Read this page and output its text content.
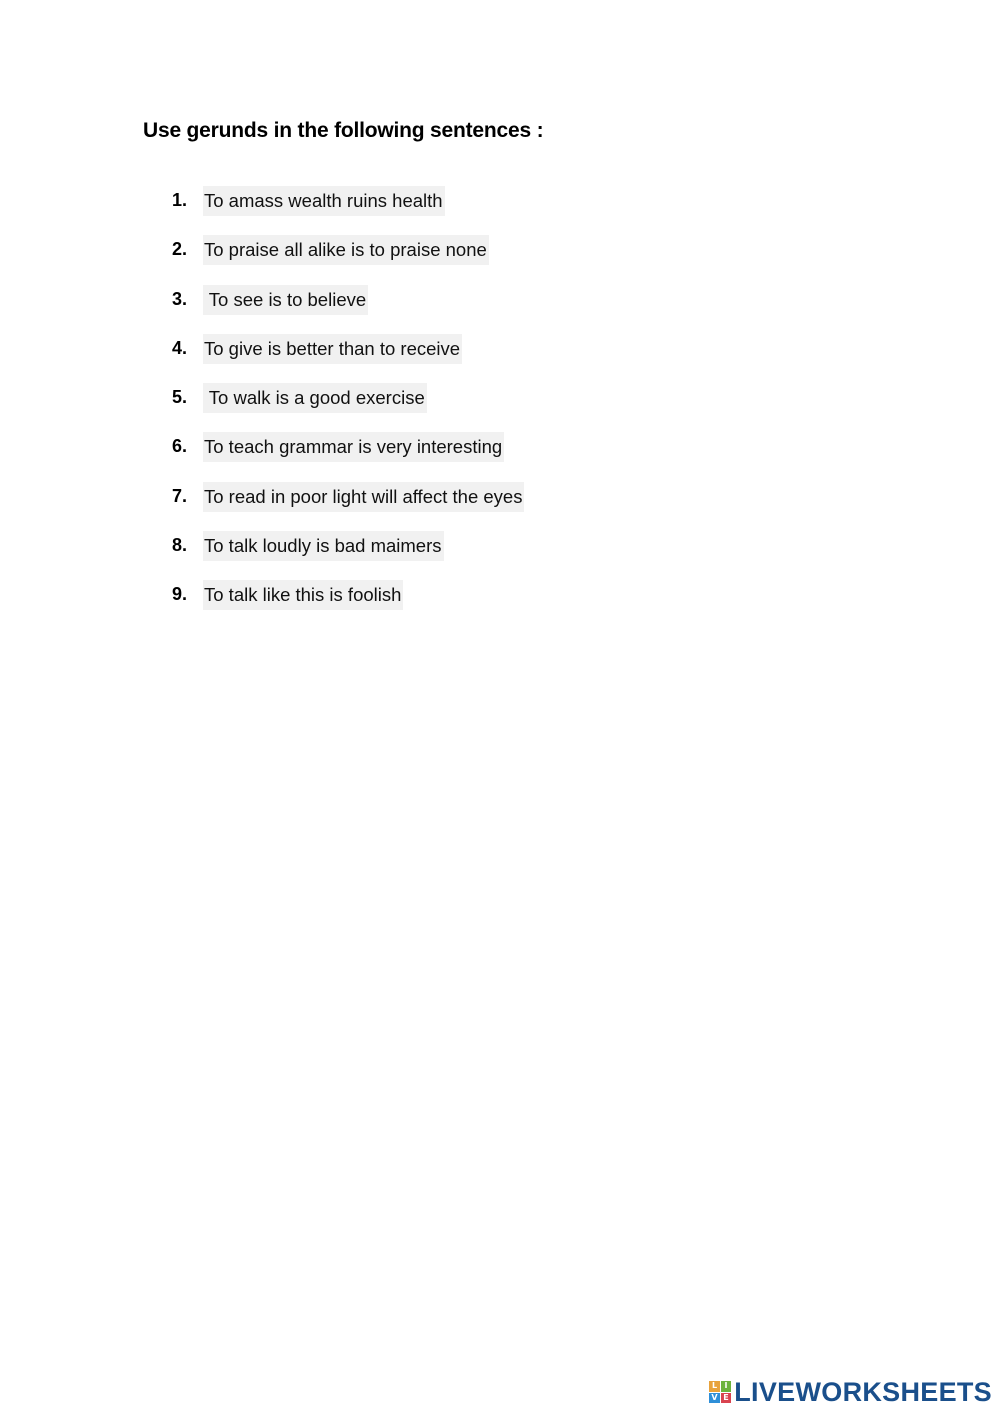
Use gerunds in the following sentences :
1. To amass wealth ruins health
2. To praise all alike is to praise none
3. To see is to believe
4. To give is better than to receive
5. To walk is a good exercise
6. To teach grammar is very interesting
7. To read in poor light will affect the eyes
8. To talk loudly is bad maimers
9. To talk like this is foolish
L I
V E LIVEWORKSHEETS
